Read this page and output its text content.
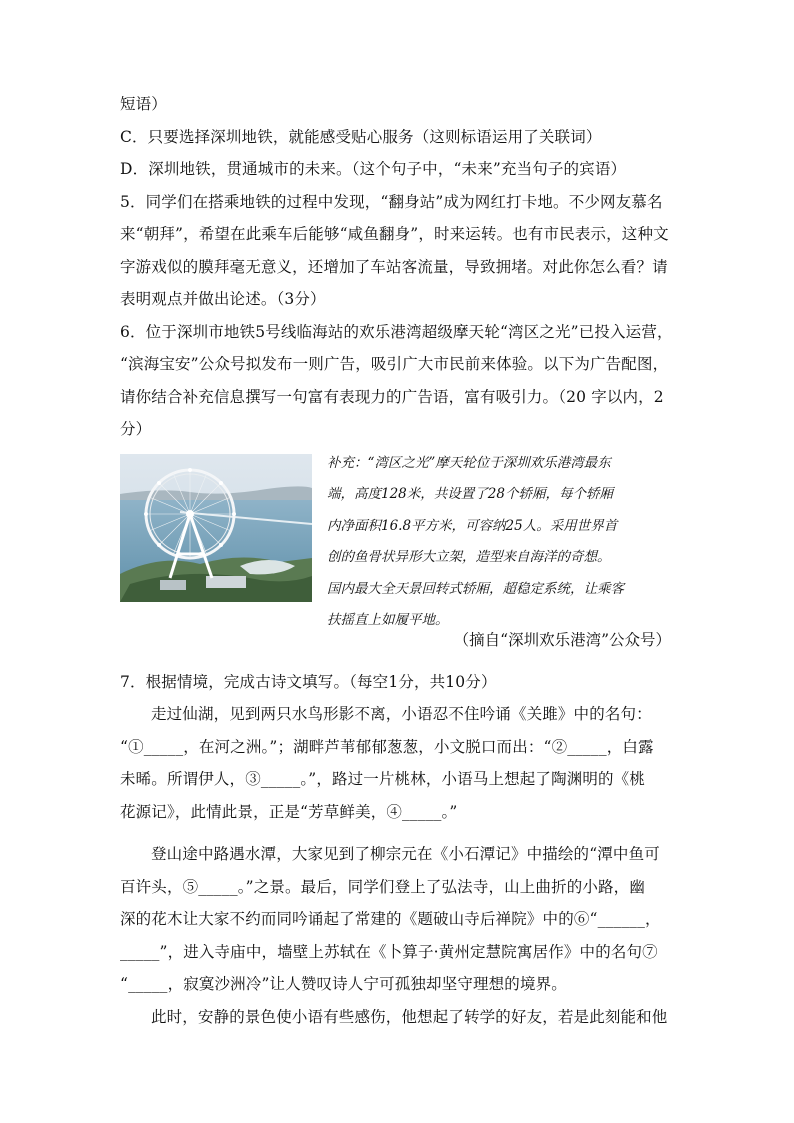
短语）
C．只要选择深圳地铁，就能感受贴心服务（这则标语运用了关联词）
D．深圳地铁，贯通城市的未来。（这个句子中，“未来”充当句子的宾语）
5．同学们在搭乘地铁的过程中发现，“翻身站”成为网红打卡地。不少网友慕名
来“朝拜”，希望在此乘车后能够“咸鱼翻身”，时来运转。也有市民表示，这种文
字游戏似的膜拜毫无意义，还增加了车站客流量，导致拥堵。对此你怎么看？请
表明观点并做出论述。（3分）
6．位于深圳市地铁5号线临海站的欢乐港湾超级摩天轮“湾区之光”已投入运营，
“滨海宝安”公众号拟发布一则广告，吸引广大市民前来体验。以下为广告配图，
请你结合补充信息撰写一句富有表现力的广告语，富有吸引力。（20 字以内，2
分）
补充：“湾区之光”摩天轮位于深圳欢乐港湾最东
端，高度128米，共设置了28个轿厢，每个轿厢
内净面积16.8平方米，可容纳25人。采用世界首
创的鱼骨状异形大立架，造型来自海洋的奇想。
国内最大全天景回转式轿厢，超稳定系统，让乘客
扶摇直上如履平地。
（摘自“深圳欢乐港湾”公众号）
7．根据情境，完成古诗文填写。（每空1分，共10分）
走过仙湖，见到两只水鸟形影不离，小语忍不住吟诵《关雎》中的名句：
“①_____，在河之洲。”；湖畔芦苇郁郁葱葱，小文脱口而出：“②_____，白露
未晞。所谓伊人，③_____。”，路过一片桃林，小语马上想起了陶渊明的《桃
花源记》，此情此景，正是“芳草鲜美，④_____。”
登山途中路遇水潭，大家见到了柳宗元在《小石潭记》中描绘的“潭中鱼可
百许头，⑤_____。”之景。最后，同学们登上了弘法寺，山上曲折的小路，幽
深的花木让大家不约而同吟诵起了常建的《题破山寺后禅院》中的⑥“______，
_____”，进入寺庙中，墙壁上苏轼在《卜算子·黄州定慧院寓居作》中的名句⑦
“_____，寂寞沙洲冷”让人赞叹诗人宁可孤独却坚守理想的境界。
此时，安静的景色使小语有些感伤，他想起了转学的好友，若是此刻能和他
